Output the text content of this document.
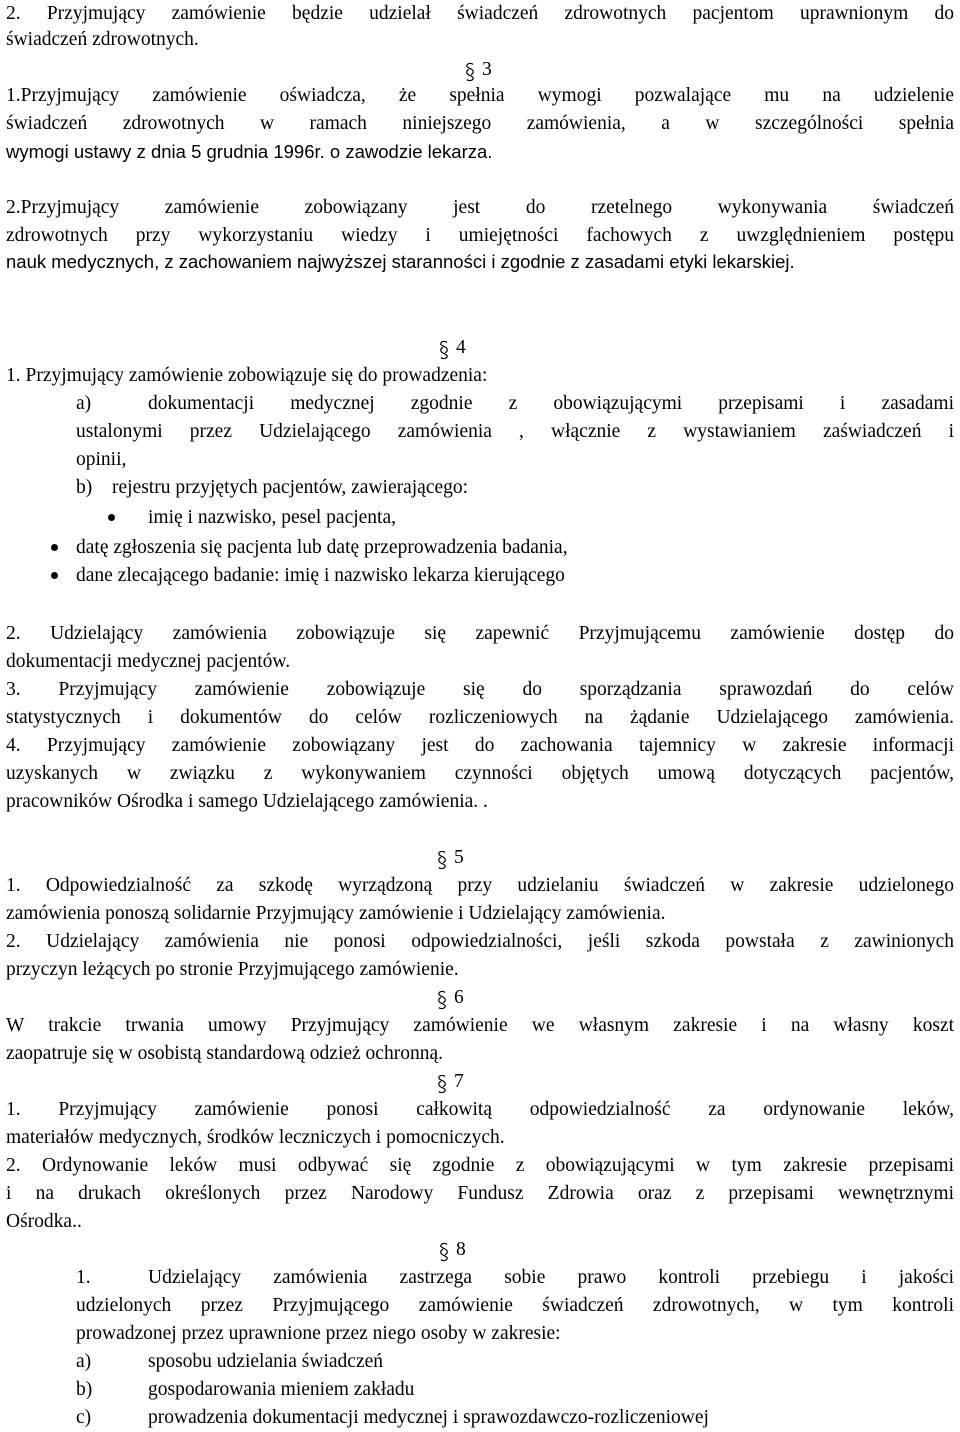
2. Przyjmujący zamówienie będzie udzielał świadczeń zdrowotnych pacjentom uprawnionym do

świadczeń zdrowotnych.

3

1.Przyjmujący zamówienie oświadcza, że spełnia wymogi pozwalające mu na udzielenie

świadczeń zdrowotnych w ramach niniejszego zamówienia, a w szczególności spełnia

wymogi ustawy z dnia 5 grudnia 1996r. o zawodzie lekarza.

2.Przyjmujący zamówienie zobowiązany jest do rzetelnego wykonywania świadczeń

zdrowotnych przy wykorzystaniu wiedzy i umiejętności fachowych z uwzględnieniem postępu

nauk medycznych, z zachowaniem najwyższej staranności i zgodnie z zasadami etyki lekarskiej.

4

1. Przyjmujący zamówienie zobowiązuje się do prowadzenia:

a)	dokumentacji medycznej zgodnie z obowiązującymi przepisami i zasadami

ustalonymi przez Udzielającego zamówienia , włącznie z wystawianiem zaświadczeń i

opinii,

b) rejestru przyjętych pacjentów, zawierającego:

imię i nazwisko, pesel pacjenta,

datę zgłoszenia się pacjenta lub datę przeprowadzenia badania,

dane zlecającego badanie: imię i nazwisko lekarza kierującego

2. Udzielający zamówienia zobowiązuje się zapewnić Przyjmującemu zamówienie dostęp do

dokumentacji medycznej pacjentów.

3. Przyjmujący zamówienie zobowiązuje się do sporządzania sprawozdań do celów

statystycznych i dokumentów do celów rozliczeniowych na żądanie Udzielającego zamówienia.

4. Przyjmujący zamówienie zobowiązany jest do zachowania tajemnicy w zakresie informacji

uzyskanych w związku z wykonywaniem czynności objętych umową dotyczących pacjentów,

pracowników Ośrodka i samego Udzielającego zamówienia. .

5

1. Odpowiedzialność za szkodę wyrządzoną przy udzielaniu świadczeń w zakresie udzielonego

zamówienia ponoszą solidarnie Przyjmujący zamówienie i Udzielający zamówienia.

2. Udzielający zamówienia nie ponosi odpowiedzialności, jeśli szkoda powstała z zawinionych

przyczyn leżących po stronie Przyjmującego zamówienie.

6

W trakcie trwania umowy Przyjmujący zamówienie we własnym zakresie i na własny koszt

zaopatruje się w osobistą standardową odzież ochronną.

7

1. Przyjmujący zamówienie ponosi całkowitą odpowiedzialność za ordynowanie leków,

materiałów medycznych, środków leczniczych i pomocniczych.

2. Ordynowanie leków musi odbywać się zgodnie z obowiązującymi w tym zakresie przepisami

i na drukach określonych przez Narodowy Fundusz Zdrowia oraz z przepisami wewnętrznymi

Ośrodka..

8
1.	Udzielający zamówienia zastrzega sobie prawo kontroli przebiegu i jakości

udzielonych przez Przyjmującego zamówienie świadczeń zdrowotnych, w tym kontroli

prowadzonej przez uprawnione przez niego osoby w zakresie:

a)	sposobu udzielania świadczeń

b)	gospodarowania mieniem zakładu

c)	prowadzenia dokumentacji medycznej i sprawozdawczo-rozliczeniowej
